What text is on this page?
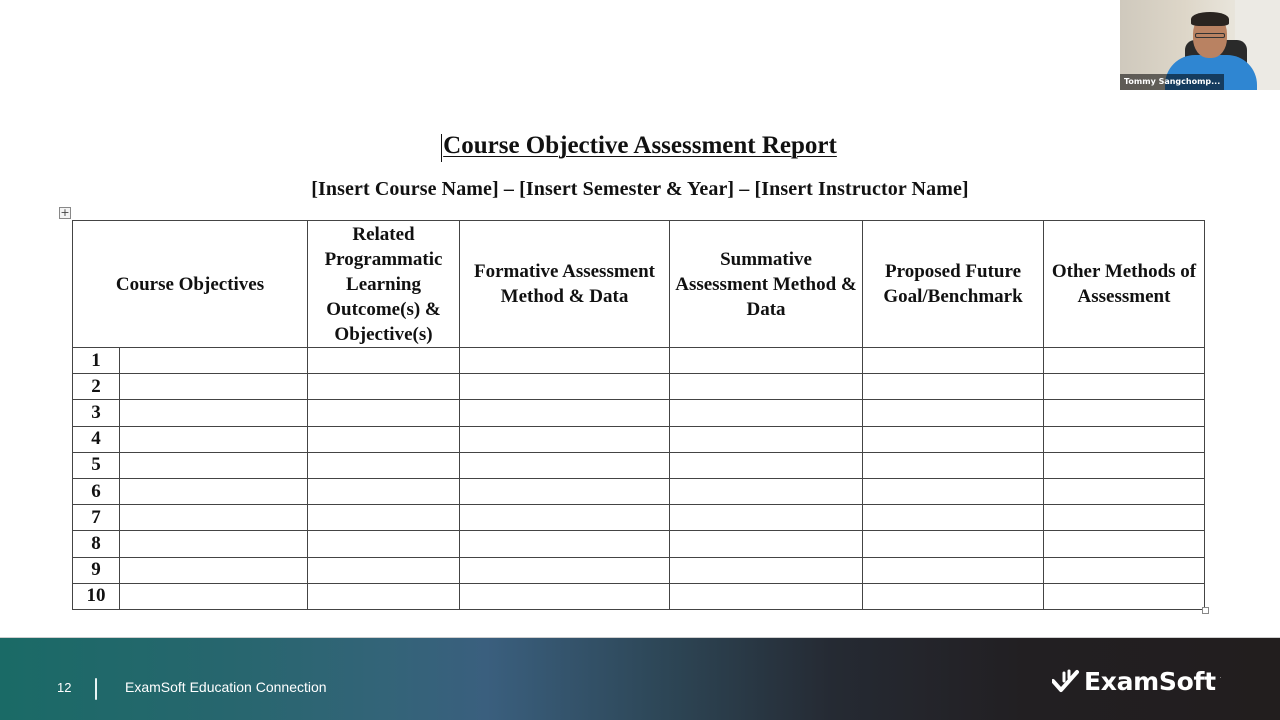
Course Objective Assessment Report
[Insert Course Name] – [Insert Semester & Year] – [Insert Instructor Name]
+
Course Objectives		Related Programmatic Learning Outcome(s) & Objective(s)	Formative Assessment Method & Data	Summative Assessment Method & Data	Proposed Future Goal/Benchmark	Other Methods of Assessment
1						
2						
3						
4						
5						
6						
7						
8						
9						
10						
Tommy Sangchomp...
12	ExamSoft Education Connection	ExamSoft ·
